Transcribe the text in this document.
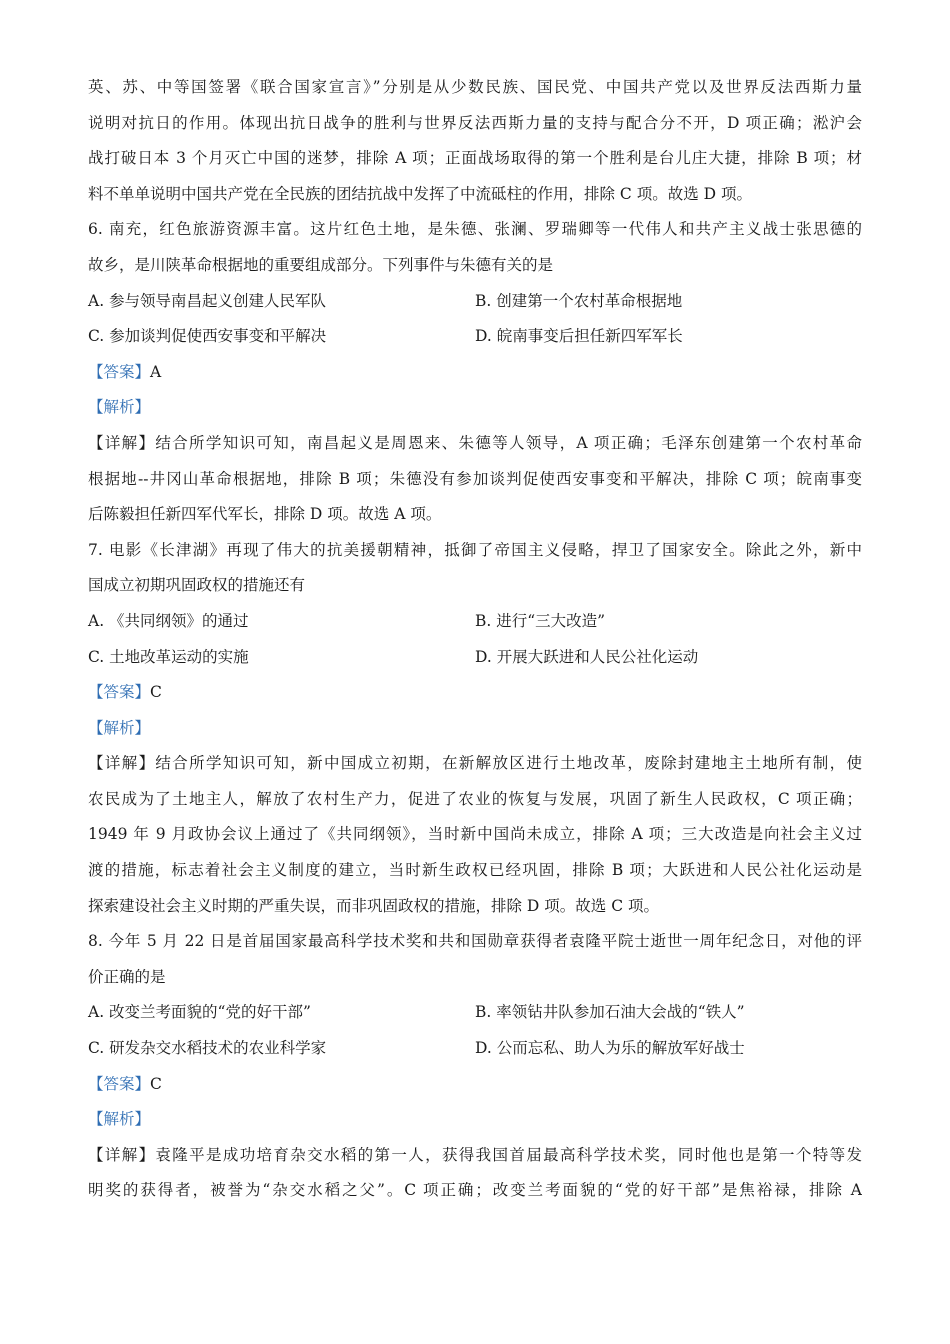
英、苏、中等国签署《联合国家宣言》”分别是从少数民族、国民党、中国共产党以及世界反法西斯力量
说明对抗日的作用。体现出抗日战争的胜利与世界反法西斯力量的支持与配合分不开，D 项正确；淞沪会
战打破日本 3 个月灭亡中国的迷梦，排除 A 项；正面战场取得的第一个胜利是台儿庄大捷，排除 B 项；材
料不单单说明中国共产党在全民族的团结抗战中发挥了中流砥柱的作用，排除 C 项。故选 D 项。
6. 南充，红色旅游资源丰富。这片红色土地，是朱德、张澜、罗瑞卿等一代伟人和共产主义战士张思德的
故乡，是川陕革命根据地的重要组成部分。下列事件与朱德有关的是
A. 参与领导南昌起义创建人民军队	B. 创建第一个农村革命根据地
C. 参加谈判促使西安事变和平解决	D. 皖南事变后担任新四军军长
【答案】A
【解析】
【详解】结合所学知识可知，南昌起义是周恩来、朱德等人领导，A 项正确；毛泽东创建第一个农村革命
根据地--井冈山革命根据地，排除 B 项；朱德没有参加谈判促使西安事变和平解决，排除 C 项；皖南事变
后陈毅担任新四军代军长，排除 D 项。故选 A 项。
7. 电影《长津湖》再现了伟大的抗美援朝精神，抵御了帝国主义侵略，捍卫了国家安全。除此之外，新中
国成立初期巩固政权的措施还有
A. 《共同纲领》的通过	B. 进行“三大改造”
C. 土地改革运动的实施	D. 开展大跃进和人民公社化运动
【答案】C
【解析】
【详解】结合所学知识可知，新中国成立初期，在新解放区进行土地改革，废除封建地主土地所有制，使
农民成为了土地主人，解放了农村生产力，促进了农业的恢复与发展，巩固了新生人民政权，C 项正确；
1949 年 9 月政协会议上通过了《共同纲领》，当时新中国尚未成立，排除 A 项；三大改造是向社会主义过
渡的措施，标志着社会主义制度的建立，当时新生政权已经巩固，排除 B 项；大跃进和人民公社化运动是
探索建设社会主义时期的严重失误，而非巩固政权的措施，排除 D 项。故选 C 项。
8. 今年 5 月 22 日是首届国家最高科学技术奖和共和国勋章获得者袁隆平院士逝世一周年纪念日，对他的评
价正确的是
A. 改变兰考面貌的“党的好干部”	B. 率领钻井队参加石油大会战的“铁人”
C. 研发杂交水稻技术的农业科学家	D. 公而忘私、助人为乐的解放军好战士
【答案】C
【解析】
【详解】袁隆平是成功培育杂交水稻的第一人，获得我国首届最高科学技术奖，同时他也是第一个特等发
明奖的获得者，被誉为“杂交水稻之父”。C 项正确；改变兰考面貌的“党的好干部”是焦裕禄，排除 A
